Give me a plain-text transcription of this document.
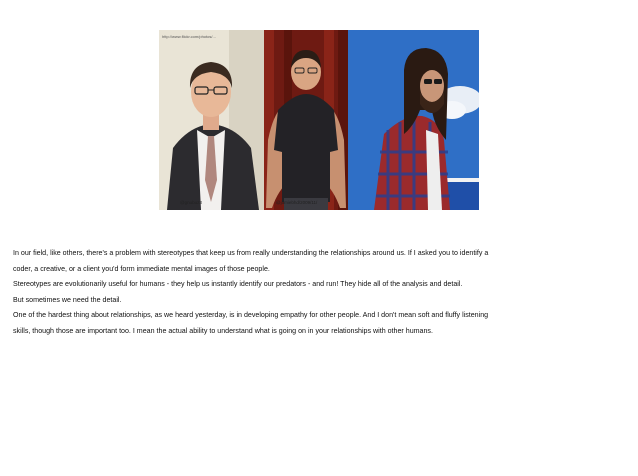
http://www.flickr.com/photos/...
@gnubuz3	@jamiebhd/2009/11/

In our field, like others, there's a problem with stereotypes that keep us from really understanding the relationships around us. If I asked you to identify a
coder, a creative, or a client you'd form immediate mental images of those people.

Stereotypes are evolutionarily useful for humans - they help us instantly identify our predators - and run! They hide all of the analysis and detail.

But sometimes we need the detail.

One of the hardest thing about relationships, as we heard yesterday, is in developing empathy for other people. And I don't mean soft and fluffy listening
skills, though those are important too. I mean the actual ability to understand what is going on in your relationships with other humans.
